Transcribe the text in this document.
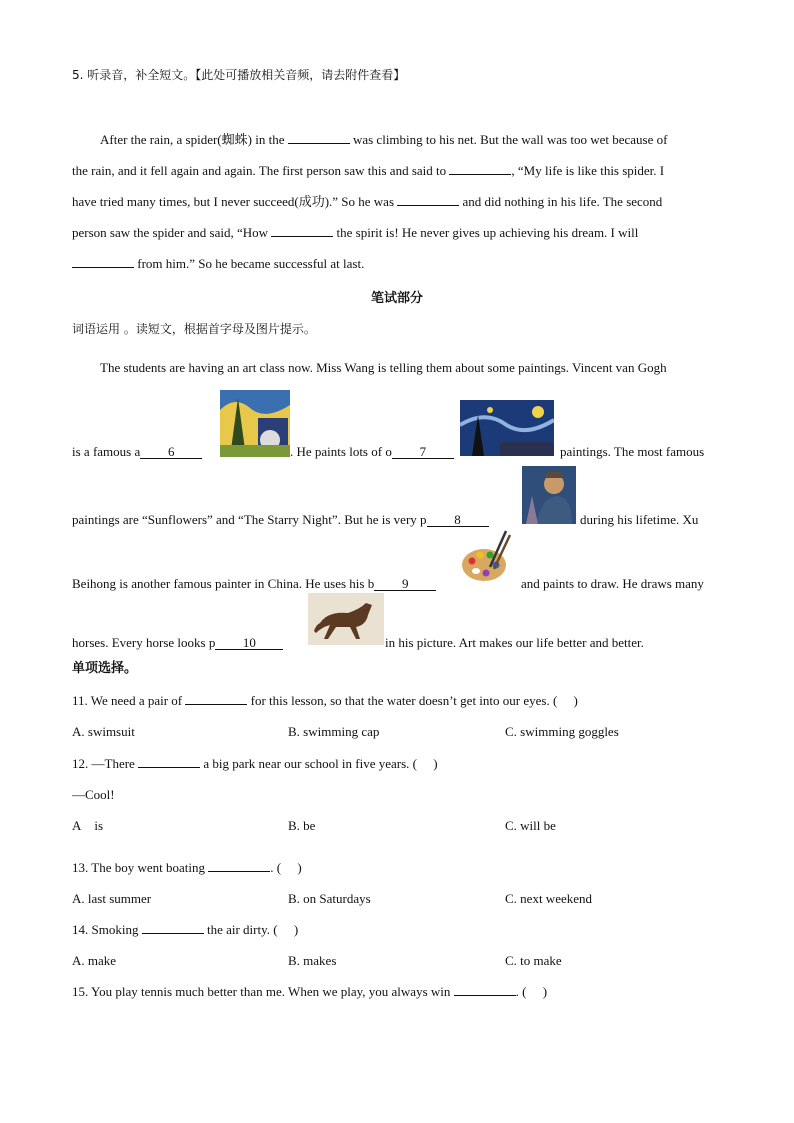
5. 听录音，补全短文。【此处可播放相关音频，请去附件查看】
After the rain, a spider(蜘蛛) in the	was climbing to his net. But the wall was too wet because of
the rain, and it fell again and again. The first person saw this and said to	, “My life is like this spider. I
have tried many times, but I never succeed(成功).” So he was	and did nothing in his life. The second
person saw the spider and said, “How	the spirit is! He never gives up achieving his dream. I will
from him.” So he became successful at last.
笔试部分
词语运用 。读短文，根据首字母及图片提示。
The students are having an art class now. Miss Wang is telling them about some paintings. Vincent van Gogh
is a famous a 6	. He paints lots of o 7	paintings. The most famous
paintings are “Sunflowers” and “The Starry Night”. But he is very p 8	during his lifetime. Xu
Beihong is another famous painter in China. He uses his b 9	and paints to draw. He draws many
horses. Every horse looks p 10	in his picture. Art makes our life better and better.
单项选择。
11. We need a pair of	for this lesson, so that the water doesn’t get into our eyes. (  )
A. swimsuit	B. swimming cap	C. swimming goggles
12. —There	a big park near our school in five years. (  )
—Cool!
A is	B. be	C. will be
13. The boy went boating	. (  )
A. last summer	B. on Saturdays	C. next weekend
14. Smoking	the air dirty. (  )
A. make	B. makes	C. to make
15. You play tennis much better than me. When we play, you always win	. (  )
